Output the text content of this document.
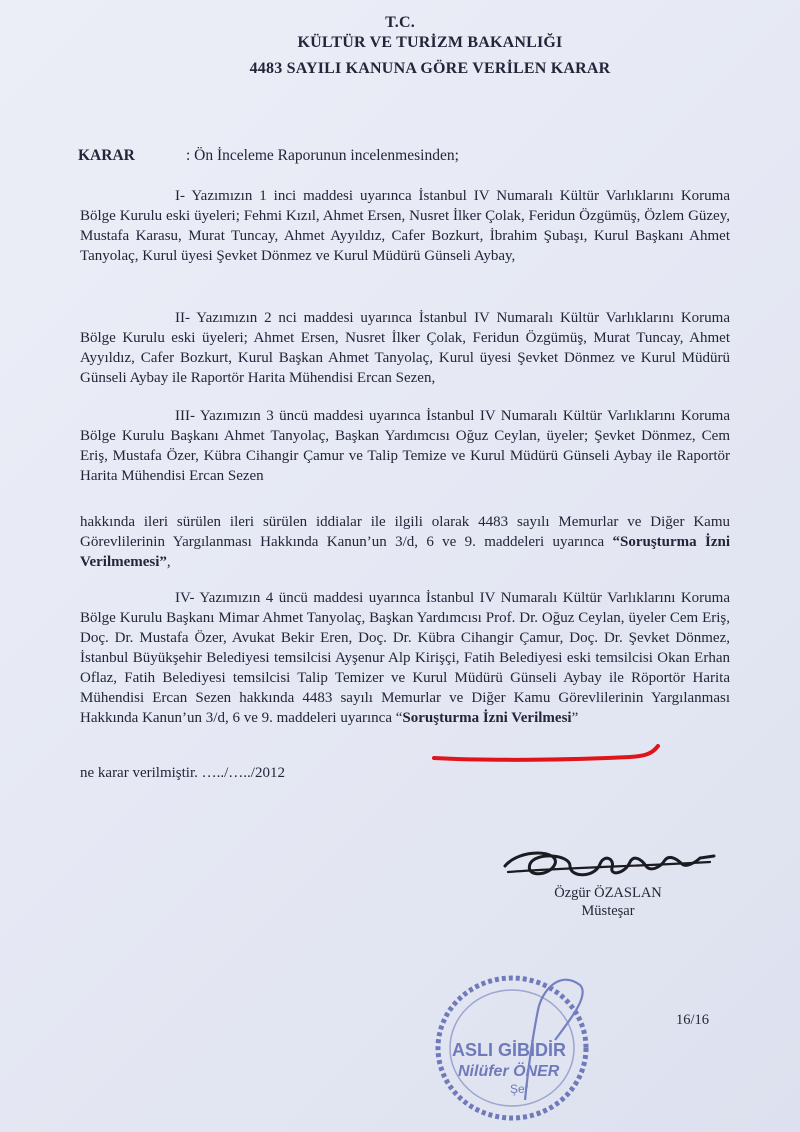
T.C.
KÜLTÜR VE TURİZM BAKANLIĞI
4483 SAYILI KANUNA GÖRE VERİLEN KARAR
KARAR	: Ön İnceleme Raporunun incelenmesinden;

I- Yazımızın 1 inci maddesi uyarınca İstanbul IV Numaralı Kültür Varlıklarını Koruma Bölge Kurulu eski üyeleri; Fehmi Kızıl, Ahmet Ersen, Nusret İlker Çolak, Feridun Özgümüş, Özlem Güzey, Mustafa Karasu, Murat Tuncay, Ahmet Ayyıldız, Cafer Bozkurt, İbrahim Şubaşı, Kurul Başkanı Ahmet Tanyolaç, Kurul üyesi Şevket Dönmez ve Kurul Müdürü Günseli Aybay,

II- Yazımızın 2 nci maddesi uyarınca İstanbul IV Numaralı Kültür Varlıklarını Koruma Bölge Kurulu eski üyeleri; Ahmet Ersen, Nusret İlker Çolak, Feridun Özgümüş, Murat Tuncay, Ahmet Ayyıldız, Cafer Bozkurt, Kurul Başkan Ahmet Tanyolaç, Kurul üyesi Şevket Dönmez ve Kurul Müdürü Günseli Aybay ile Raportör Harita Mühendisi Ercan Sezen,

III- Yazımızın 3 üncü maddesi uyarınca İstanbul IV Numaralı Kültür Varlıklarını Koruma Bölge Kurulu Başkanı Ahmet Tanyolaç, Başkan Yardımcısı Oğuz Ceylan, üyeler; Şevket Dönmez, Cem Eriş, Mustafa Özer, Kübra Cihangir Çamur ve Talip Temize ve Kurul Müdürü Günseli Aybay ile Raportör Harita Mühendisi Ercan Sezen

hakkında ileri sürülen ileri sürülen iddialar ile ilgili olarak 4483 sayılı Memurlar ve Diğer Kamu Görevlilerinin Yargılanması Hakkında Kanun’un 3/d, 6 ve 9. maddeleri uyarınca “Soruşturma İzni Verilmemesi”,

IV- Yazımızın 4 üncü maddesi uyarınca İstanbul IV Numaralı Kültür Varlıklarını Koruma Bölge Kurulu Başkanı Mimar Ahmet Tanyolaç, Başkan Yardımcısı Prof. Dr. Oğuz Ceylan, üyeler Cem Eriş, Doç. Dr. Mustafa Özer, Avukat Bekir Eren, Doç. Dr. Kübra Cihangir Çamur, Doç. Dr. Şevket Dönmez, İstanbul Büyükşehir Belediyesi temsilcisi Ayşenur Alp Kirişçi, Fatih Belediyesi eski temsilcisi Okan Erhan Oflaz, Fatih Belediyesi temsilcisi Talip Temizer ve Kurul Müdürü Günseli Aybay ile Röportör Harita Mühendisi Ercan Sezen hakkında 4483 sayılı Memurlar ve Diğer Kamu Görevlilerinin Yargılanması Hakkında Kanun’un 3/d, 6 ve 9. maddeleri uyarınca “Soruşturma İzni Verilmesi”

ne karar verilmiştir. …../…../2012
Özgür ÖZASLAN
Müsteşar
16/16
ASLI GİBİDİR
Nilüfer ÖNER
Şef
